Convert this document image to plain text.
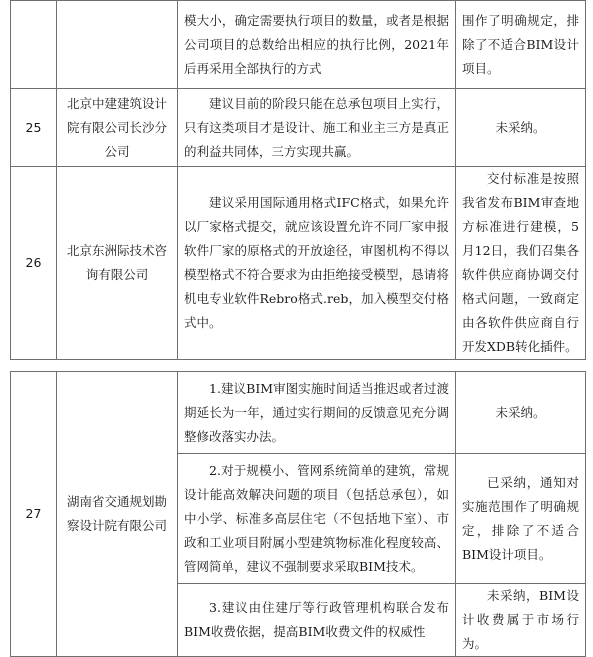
		模大小，确定需要执行项目的数量，或者是根据公司项目的总数给出相应的执行比例，2021年后再采用全部执行的方式	围作了明确规定，排除了不适合BIM设计项目。
25	北京中建建筑设计院有限公司长沙分公司	建议目前的阶段只能在总承包项目上实行，只有这类项目才是设计、施工和业主三方是真正的利益共同体，三方实现共赢。	未采纳。
26	北京东洲际技术咨询有限公司	建议采用国际通用格式IFC格式，如果允许以厂家格式提交，就应该设置允许不同厂家申报软件厂家的原格式的开放途径，审图机构不得以模型格式不符合要求为由拒绝接受模型，恳请将机电专业软件Rebro格式.reb，加入模型交付格式中。	交付标准是按照我省发布BIM审查地方标准进行建模，5月12日，我们召集各软件供应商协调交付格式问题，一致商定由各软件供应商自行开发XDB转化插件。
27	湖南省交通规划勘察设计院有限公司	1.建议BIM审图实施时间适当推迟或者过渡期延长为一年，通过实行期间的反馈意见充分调整修改落实办法。	未采纳。
		2.对于规模小、管网系统简单的建筑，常规设计能高效解决问题的项目（包括总承包），如中小学、标准多高层住宅（不包括地下室）、市政和工业项目附属小型建筑物标准化程度较高、管网简单，建议不强制要求采取BIM技术。	已采纳，通知对实施范围作了明确规定，排除了不适合BIM设计项目。
		3.建议由住建厅等行政管理机构联合发布BIM收费依据，提高BIM收费文件的权威性	未采纳，BIM设计收费属于市场行为。
